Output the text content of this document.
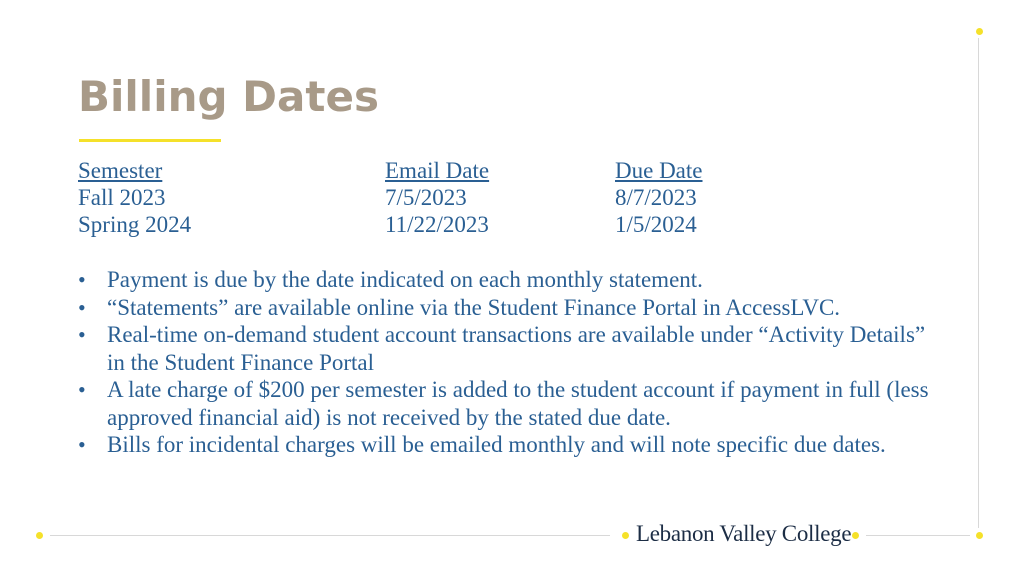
Billing Dates
Semester	Email Date	Due Date
Fall 2023	7/5/2023	8/7/2023
Spring 2024	11/22/2023	1/5/2024
• Payment is due by the date indicated on each monthly statement.
• “Statements” are available online via the Student Finance Portal in AccessLVC.
• Real-time on-demand student account transactions are available under “Activity Details” in the Student Finance Portal
• A late charge of $200 per semester is added to the student account if payment in full (less approved financial aid) is not received by the stated due date.
• Bills for incidental charges will be emailed monthly and will note specific due dates.
Lebanon Valley College
